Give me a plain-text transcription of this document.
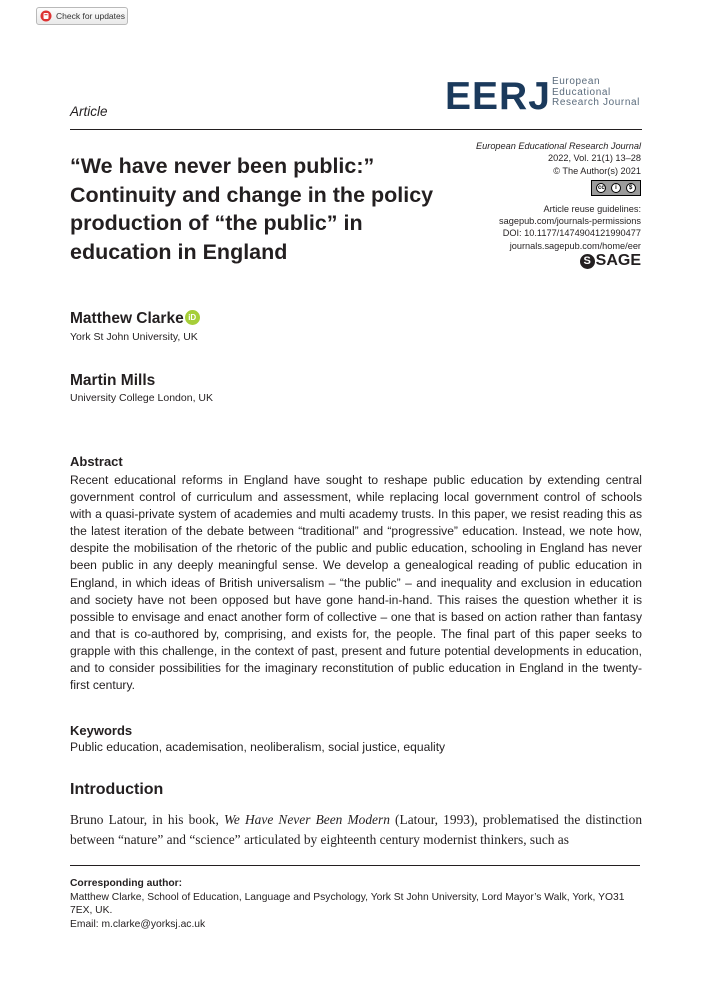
Check for updates
Article	EERJ European
Educational
Research Journal
“We have never been public:” Continuity and change in the policy production of “the public” in education in England
European Educational Research Journal
2022, Vol. 21(1) 13–28
© The Author(s) 2021
cc	i	$
Article reuse guidelines:
sagepub.com/journals-permissions
DOI: 10.1177/1474904121990477
journals.sagepub.com/home/eer
S SAGE
Matthew Clarke iD
York St John University, UK
Martin Mills
University College London, UK
Abstract
Recent educational reforms in England have sought to reshape public education by extending central government control of curriculum and assessment, while replacing local government control of schools with a quasi-private system of academies and multi academy trusts. In this paper, we resist reading this as the latest iteration of the debate between “traditional” and “progressive” education. Instead, we note how, despite the mobilisation of the rhetoric of the public and public education, schooling in England has never been public in any deeply meaningful sense. We develop a genealogical reading of public education in England, in which ideas of British universalism – “the public” – and inequality and exclusion in education and society have not been opposed but have gone hand-in-hand. This raises the question whether it is possible to envisage and enact another form of collective – one that is based on action rather than fantasy and that is co-authored by, comprising, and exists for, the people. The final part of this paper seeks to grapple with this challenge, in the context of past, present and future potential developments in education, and to consider possibilities for the imaginary reconstitution of public education in England in the twenty-first century.
Keywords
Public education, academisation, neoliberalism, social justice, equality
Introduction
Bruno Latour, in his book, We Have Never Been Modern (Latour, 1993), problematised the distinction between “nature” and “science” articulated by eighteenth century modernist thinkers, such as
Corresponding author:
Matthew Clarke, School of Education, Language and Psychology, York St John University, Lord Mayor’s Walk, York, YO31 7EX, UK.
Email: m.clarke@yorksj.ac.uk
